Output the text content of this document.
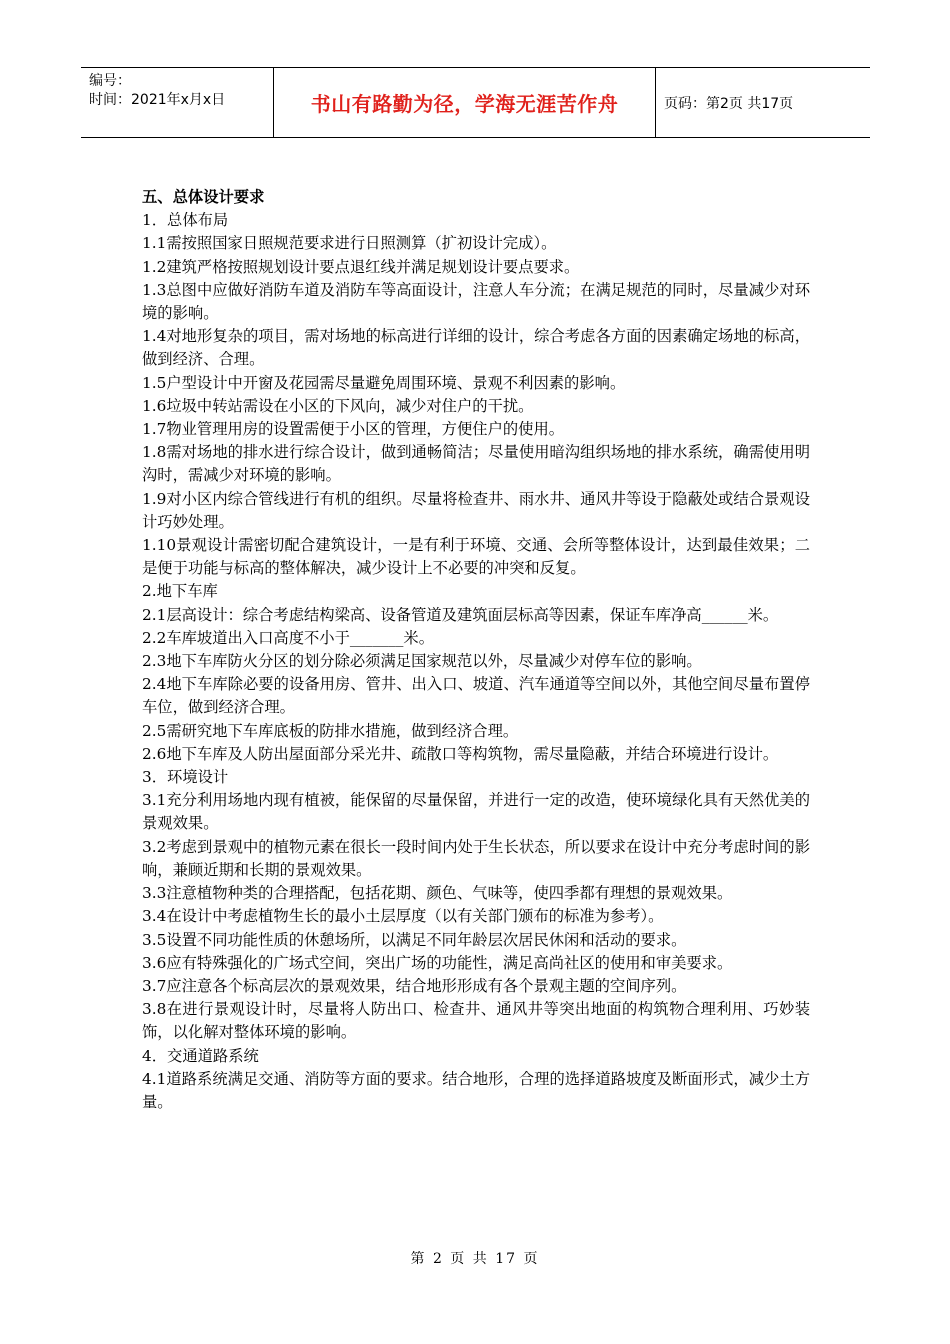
编号：
时间：2021年x月x日	书山有路勤为径，学海无涯苦作舟	页码：第2页 共17页

五、总体设计要求

1．总体布局

1.1需按照国家日照规范要求进行日照测算（扩初设计完成）。

1.2建筑严格按照规划设计要点退红线并满足规划设计要点要求。

1.3总图中应做好消防车道及消防车等高面设计，注意人车分流；在满足规范的同时，尽量减少对环境的影响。

1.4对地形复杂的项目，需对场地的标高进行详细的设计，综合考虑各方面的因素确定场地的标高，做到经济、合理。

1.5户型设计中开窗及花园需尽量避免周围环境、景观不利因素的影响。

1.6垃圾中转站需设在小区的下风向，减少对住户的干扰。

1.7物业管理用房的设置需便于小区的管理，方便住户的使用。

1.8需对场地的排水进行综合设计，做到通畅简洁；尽量使用暗沟组织场地的排水系统，确需使用明沟时，需减少对环境的影响。

1.9对小区内综合管线进行有机的组织。尽量将检查井、雨水井、通风井等设于隐蔽处或结合景观设计巧妙处理。

1.10景观设计需密切配合建筑设计，一是有利于环境、交通、会所等整体设计，达到最佳效果；二是便于功能与标高的整体解决，减少设计上不必要的冲突和反复。

2.地下车库

2.1层高设计：综合考虑结构梁高、设备管道及建筑面层标高等因素，保证车库净高______米。

2.2车库坡道出入口高度不小于_______米。

2.3地下车库防火分区的划分除必须满足国家规范以外，尽量减少对停车位的影响。

2.4地下车库除必要的设备用房、管井、出入口、坡道、汽车通道等空间以外，其他空间尽量布置停车位，做到经济合理。

2.5需研究地下车库底板的防排水措施，做到经济合理。

2.6地下车库及人防出屋面部分采光井、疏散口等构筑物，需尽量隐蔽，并结合环境进行设计。

3．环境设计

3.1充分利用场地内现有植被，能保留的尽量保留，并进行一定的改造，使环境绿化具有天然优美的景观效果。

3.2考虑到景观中的植物元素在很长一段时间内处于生长状态，所以要求在设计中充分考虑时间的影响，兼顾近期和长期的景观效果。

3.3注意植物种类的合理搭配，包括花期、颜色、气味等，使四季都有理想的景观效果。

3.4在设计中考虑植物生长的最小土层厚度（以有关部门颁布的标准为参考）。

3.5设置不同功能性质的休憩场所，以满足不同年龄层次居民休闲和活动的要求。

3.6应有特殊强化的广场式空间，突出广场的功能性，满足高尚社区的使用和审美要求。

3.7应注意各个标高层次的景观效果，结合地形形成有各个景观主题的空间序列。

3.8在进行景观设计时，尽量将人防出口、检查井、通风井等突出地面的构筑物合理利用、巧妙装饰，以化解对整体环境的影响。

4．交通道路系统

4.1道路系统满足交通、消防等方面的要求。结合地形，合理的选择道路坡度及断面形式，减少土方量。

第 2 页 共 17 页
